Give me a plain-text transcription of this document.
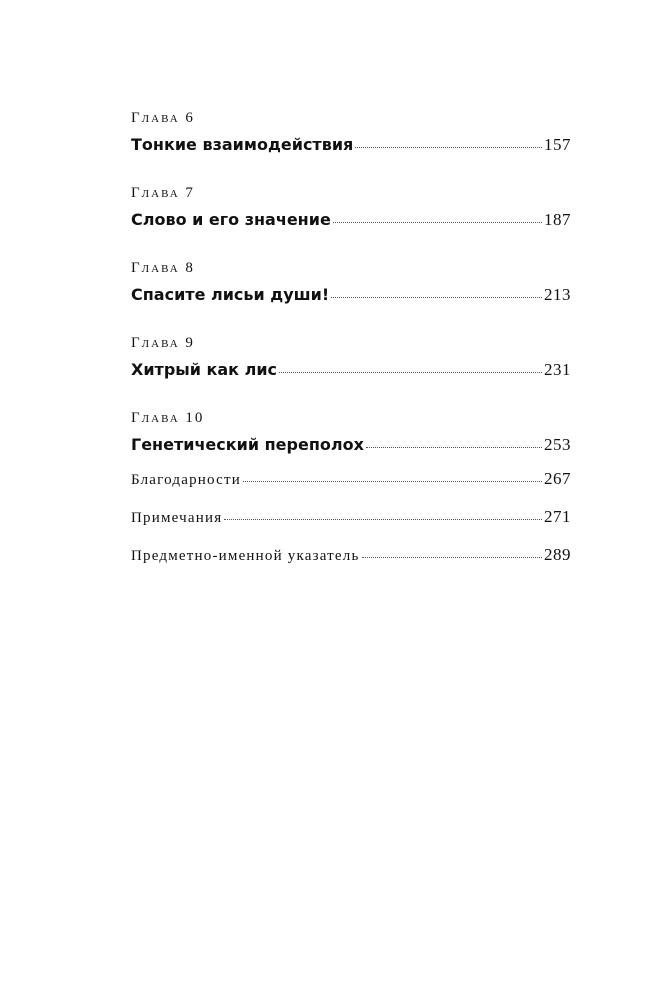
Глава 6
Тонкие взаимодействия	157
Глава 7
Слово и его значение	187
Глава 8
Спасите лисьи души!	213
Глава 9
Хитрый как лис	231
Глава 10
Генетический переполох	253
Благодарности	267
Примечания	271
Предметно-именной указатель	289
